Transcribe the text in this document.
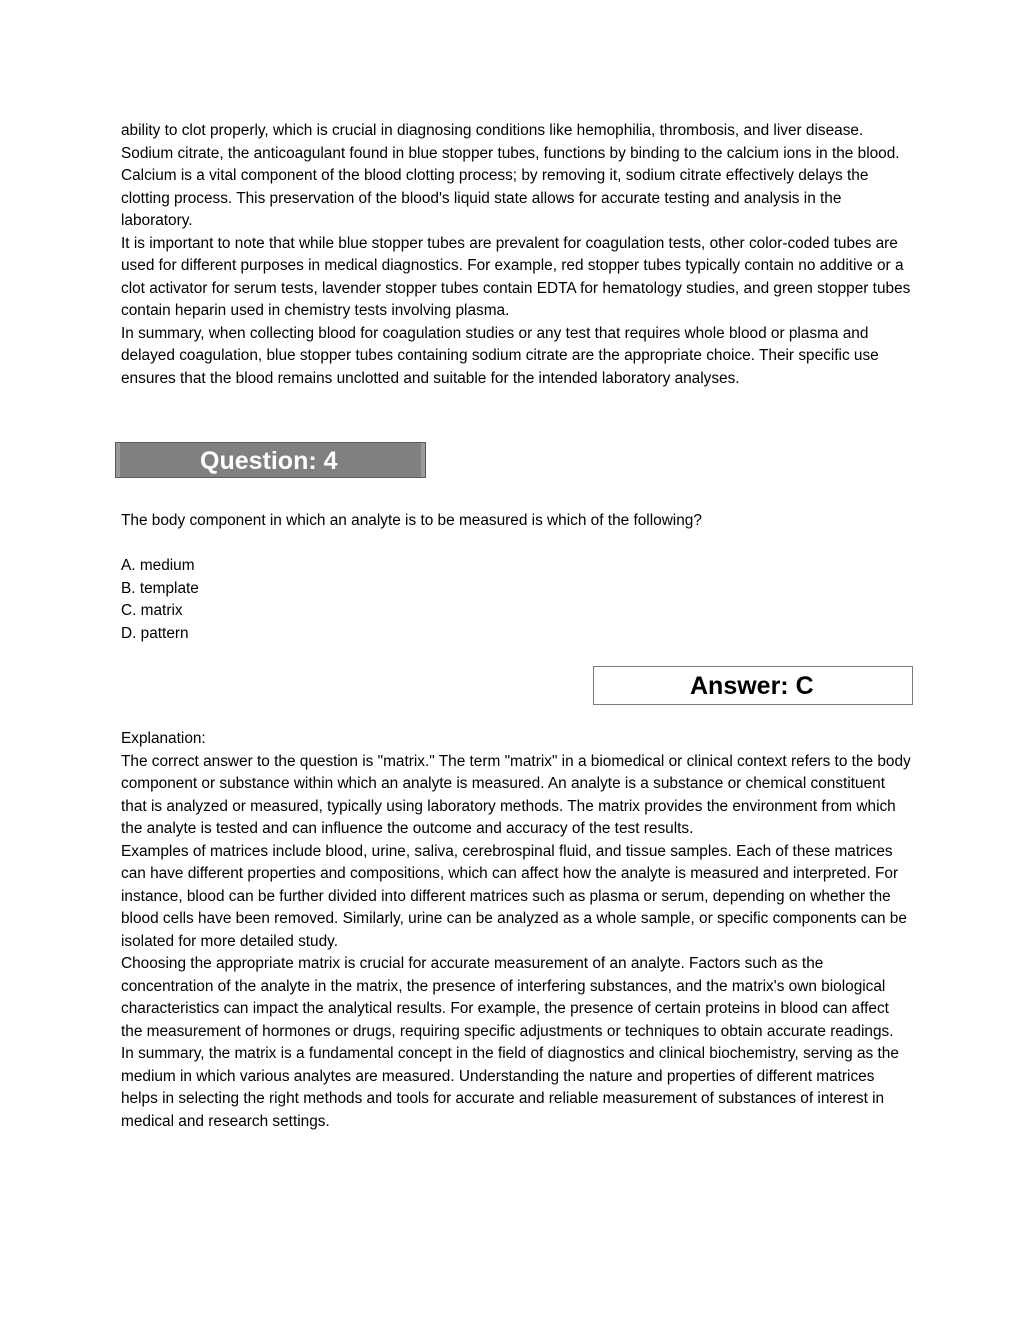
ability to clot properly, which is crucial in diagnosing conditions like hemophilia, thrombosis, and liver disease.

Sodium citrate, the anticoagulant found in blue stopper tubes, functions by binding to the calcium ions in the blood. Calcium is a vital component of the blood clotting process; by removing it, sodium citrate effectively delays the clotting process. This preservation of the blood's liquid state allows for accurate testing and analysis in the laboratory.

It is important to note that while blue stopper tubes are prevalent for coagulation tests, other color-coded tubes are used for different purposes in medical diagnostics. For example, red stopper tubes typically contain no additive or a clot activator for serum tests, lavender stopper tubes contain EDTA for hematology studies, and green stopper tubes contain heparin used in chemistry tests involving plasma.

In summary, when collecting blood for coagulation studies or any test that requires whole blood or plasma and delayed coagulation, blue stopper tubes containing sodium citrate are the appropriate choice. Their specific use ensures that the blood remains unclotted and suitable for the intended laboratory analyses.

Question: 4
The body component in which an analyte is to be measured is which of the following?
A. medium
B. template
C. matrix
D. pattern
Answer: C

Explanation:

The correct answer to the question is "matrix." The term "matrix" in a biomedical or clinical context refers to the body component or substance within which an analyte is measured. An analyte is a substance or chemical constituent that is analyzed or measured, typically using laboratory methods. The matrix provides the environment from which the analyte is tested and can influence the outcome and accuracy of the test results.

Examples of matrices include blood, urine, saliva, cerebrospinal fluid, and tissue samples. Each of these matrices can have different properties and compositions, which can affect how the analyte is measured and interpreted. For instance, blood can be further divided into different matrices such as plasma or serum, depending on whether the blood cells have been removed. Similarly, urine can be analyzed as a whole sample, or specific components can be isolated for more detailed study.

Choosing the appropriate matrix is crucial for accurate measurement of an analyte. Factors such as the concentration of the analyte in the matrix, the presence of interfering substances, and the matrix's own biological characteristics can impact the analytical results. For example, the presence of certain proteins in blood can affect the measurement of hormones or drugs, requiring specific adjustments or techniques to obtain accurate readings.

In summary, the matrix is a fundamental concept in the field of diagnostics and clinical biochemistry, serving as the medium in which various analytes are measured. Understanding the nature and properties of different matrices helps in selecting the right methods and tools for accurate and reliable measurement of substances of interest in medical and research settings.
